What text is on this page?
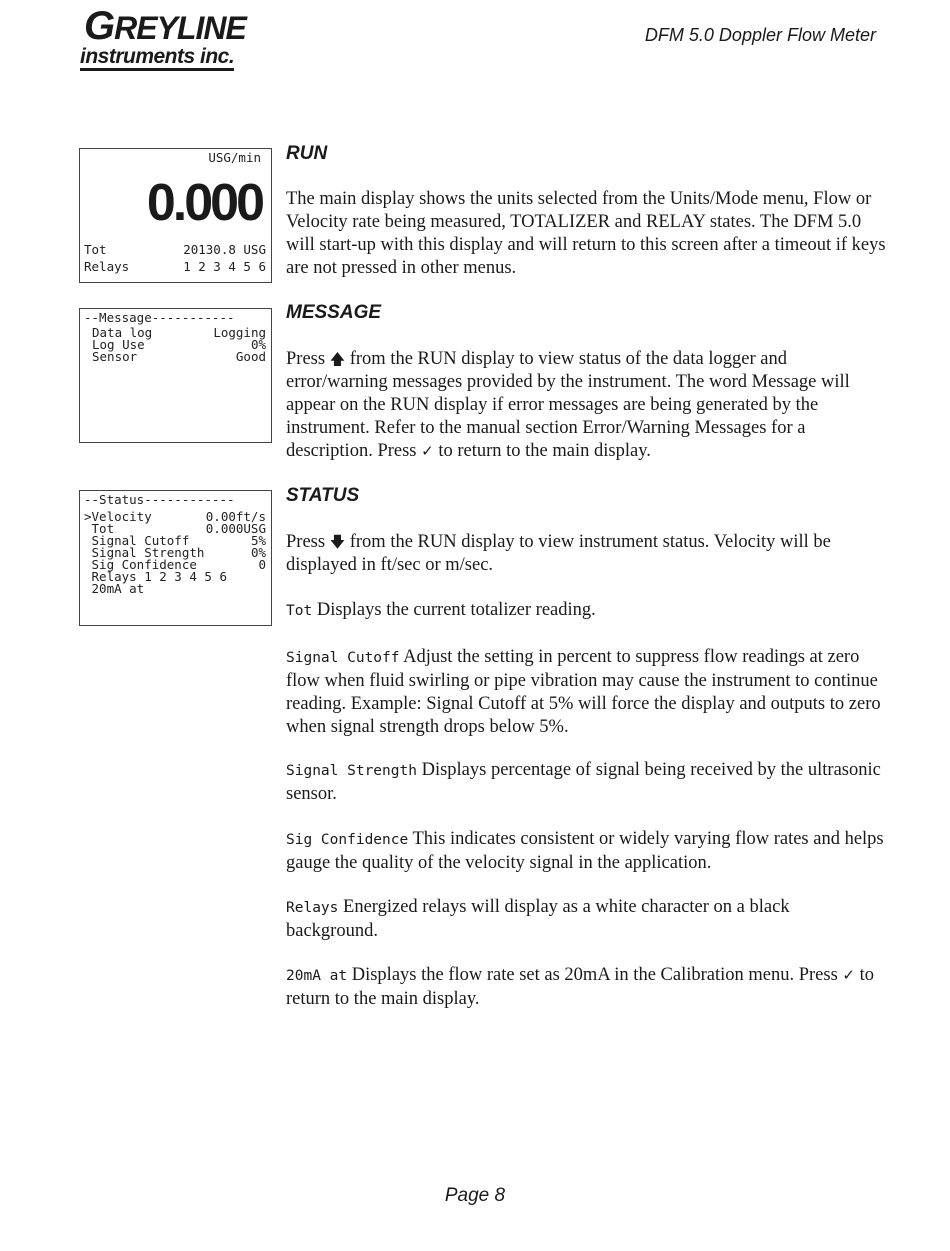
GREYLINE
instruments inc.
DFM 5.0 Doppler Flow Meter
USG/min
0.000
Tot	20130.8 USG
Relays	1 2 3 4 5 6
--Message-----------
Data log	Logging
Log Use	0%
Sensor	Good
--Status------------
>Velocity	0.00ft/s
Tot	0.000USG
Signal Cutoff	5%
Signal Strength	0%
Sig Confidence	0
Relays 1 2 3 4 5 6
20mA at
RUN
The main display shows the units selected from the Units/Mode menu, Flow or Velocity rate being measured, TOTALIZER and RELAY states. The DFM 5.0 will start-up with this display and will return to this screen after a timeout if keys are not pressed in other menus.
MESSAGE
Press 🡅 from the RUN display to view status of the data logger and error/warning messages provided by the instrument. The word Message will appear on the RUN display if error messages are being generated by the instrument. Refer to the manual section Error/Warning Messages for a description. Press ✓ to return to the main display.
STATUS
Press 🡇 from the RUN display to view instrument status. Velocity will be displayed in ft/sec or m/sec.
Tot Displays the current totalizer reading.
Signal Cutoff Adjust the setting in percent to suppress flow readings at zero flow when fluid swirling or pipe vibration may cause the instrument to continue reading. Example: Signal Cutoff at 5% will force the display and outputs to zero when signal strength drops below 5%.
Signal Strength Displays percentage of signal being received by the ultrasonic sensor.
Sig Confidence This indicates consistent or widely varying flow rates and helps gauge the quality of the velocity signal in the application.
Relays Energized relays will display as a white character on a black background.
20mA at Displays the flow rate set as 20mA in the Calibration menu. Press ✓ to return to the main display.
Page 8
